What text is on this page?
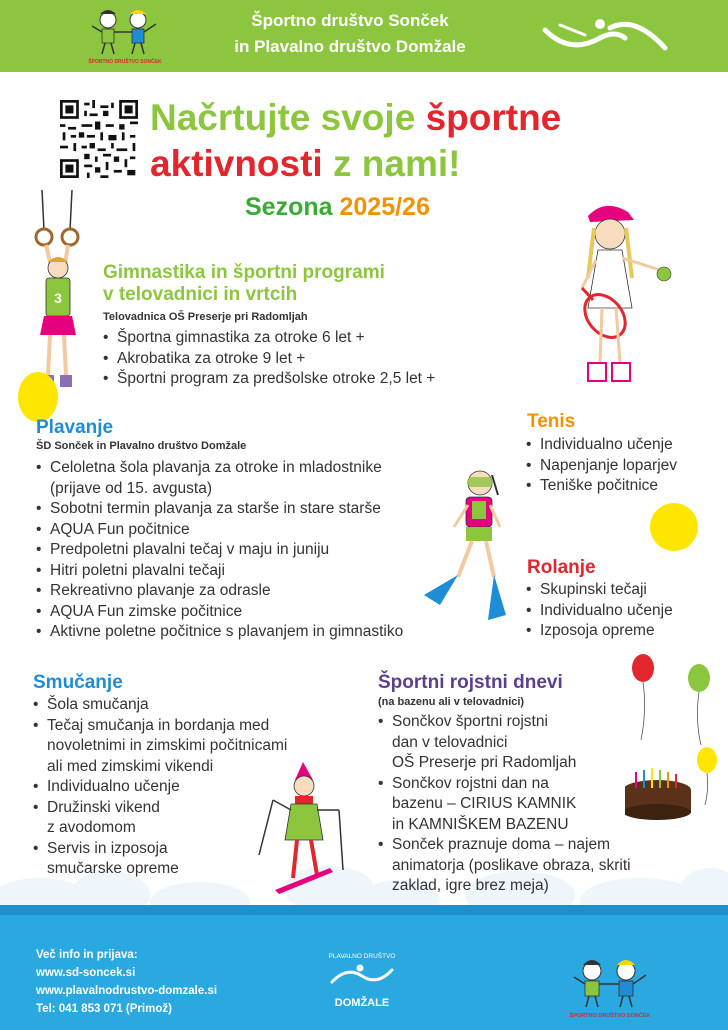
ŠPORTNO DRUŠTVO SONČEK
Športno društvo Sonček
in Plavalno društvo Domžale
Načrtujte svoje športne
aktivnosti z nami!
Sezona 2025/26
3
Gimnastika in športni programi
v telovadnici in vrtcih
Telovadnica OŠ Preserje pri Radomljah
• Športna gimnastika za otroke 6 let +
• Akrobatika za otroke 9 let +
• Športni program za predšolske otroke 2,5 let +
Plavanje
ŠD Sonček in Plavalno društvo Domžale
• Celoletna šola plavanja za otroke in mladostnike
(prijave od 15. avgusta)
• Sobotni termin plavanja za starše in stare starše
• AQUA Fun počitnice
• Predpoletni plavalni tečaj v maju in juniju
• Hitri poletni plavalni tečaji
• Rekreativno plavanje za odrasle
• AQUA Fun zimske počitnice
• Aktivne poletne počitnice s plavanjem in gimnastiko
Tenis
• Individualno učenje
• Napenjanje loparjev
• Teniške počitnice
Rolanje
• Skupinski tečaji
• Individualno učenje
• Izposoja opreme
Smučanje
• Šola smučanja
• Tečaj smučanja in bordanja med
novoletnimi in zimskimi počitnicami
ali med zimskimi vikendi
• Individualno učenje
• Družinski vikend
z avodomom
• Servis in izposoja
smučarske opreme
Športni rojstni dnevi
(na bazenu ali v telovadnici)
• Sončkov športni rojstni
dan v telovadnici
OŠ Preserje pri Radomljah
• Sončkov rojstni dan na
bazenu – CIRIUS KAMNIK
in KAMNIŠKEM BAZENU
• Sonček praznuje doma – najem
animatorja (poslikave obraza, skriti
zaklad, igre brez meja)
Več info in prijava:
www.sd-soncek.si
www.plavalnodrustvo-domzale.si
Tel: 041 853 071 (Primož)
PLAVALNO DRUŠTVO
DOMŽALE
ŠPORTNO DRUŠTVO SONČEK
